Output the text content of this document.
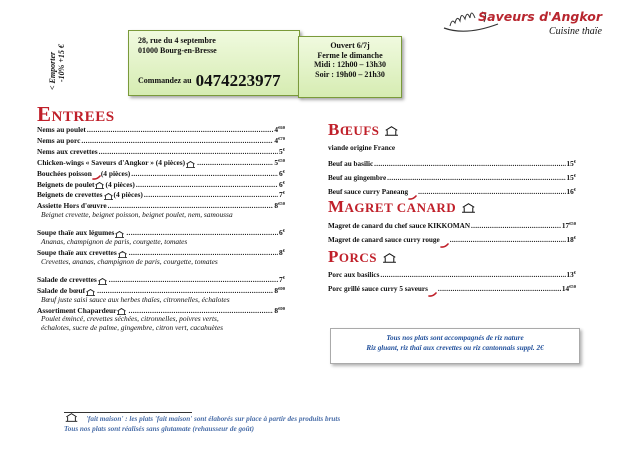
< Emporter
-10% +15 €
28, rue du 4 septembre
01000 Bourg-en-Bresse
Commandez au 0474223977
Ouvert 6/7j
Ferme le dimanche
Midi : 12h00 – 13h30
Soir : 19h00 – 21h30
Saveurs d'Angkor
Cuisine thaïe
ENTREES
Nems au poulet .....	$4^{€60}$
Nems au porc .....	$4^{€70}$
Nems aux crevettes .....	5€
Chicken-wings « Saveurs d'Angkor » (4 pièces) .....	$5^{€50}$
Bouchées poisson (4 pièces) .....	6€
Beignets de poulet (4 pièces) .....	6€
Beignets de crevettes (4 pièces) .....	7€
Assiette Hors d'œuvre .....	$8^{€50}$
Beignet crevette, beignet poisson, beignet poulet, nem, samoussa
Soupe thaïe aux légumes .....	6€
Ananas, champignon de paris, courgette, tomates
Soupe thaïe aux crevettes .....	8€
Crevettes, ananas, champignon de paris, courgette, tomates
Salade de crevettes .....	7€
Salade de bœuf .....	$8^{€00}$
Bœuf juste saisi sauce aux herbes thaïes, citronnelles, échalotes
Assortiment Chapardeur .....	$8^{€00}$
Poulet émincé, crevettes séchées, citronnelles, poivres verts,
échalotes, sucre de palme, gingembre, citron vert, cacahuètes
BŒUFS
viande origine France
Beuf au basilic .....	15€
Beuf au gingembre .....	15€
Beuf sauce curry Paneang .....	16€
MAGRET CANARD
Magret de canard du chef sauce KIKKOMAN .....	$17^{€50}$
Magret de canard sauce curry rouge .....	18€
PORCS
Porc aux basilics .....	13€
Porc grillé sauce curry 5 saveurs .....	$14^{€50}$
Tous nos plats sont accompagnés de riz nature
Riz gluant, riz thaï aux crevettes ou riz cantonnais suppl. 2€
'fait maison' : les plats 'fait maison' sont élaborés sur place à partir des produits bruts
Tous nos plats sont réalisés sans glutamate (rehausseur de goût)
